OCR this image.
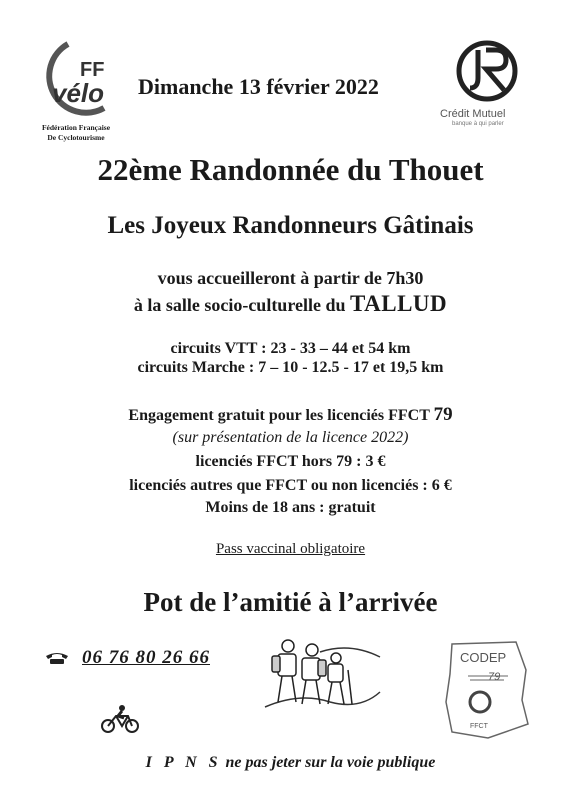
FF
vélo
Fédération Française
De Cyclotourisme
Dimanche 13 février 2022
Crédit Mutuel
banque à qui parler
22ème Randonnée du Thouet
Les Joyeux Randonneurs Gâtinais
vous accueilleront à partir de 7h30
à la salle socio-culturelle du TALLUD
circuits VTT : 23 - 33 – 44 et 54 km
circuits Marche : 7 – 10 - 12.5 - 17 et 19,5 km
Engagement gratuit pour les licenciés FFCT 79
(sur présentation de la licence 2022)
licenciés FFCT hors 79 : 3 €
licenciés autres que FFCT ou non licenciés : 6 €
Moins de 18 ans : gratuit
Pass vaccinal obligatoire
Pot de l’amitié à l’arrivée
06 76 80 26 66	CODEP
79
FFCT
I P N S ne pas jeter sur la voie publique
